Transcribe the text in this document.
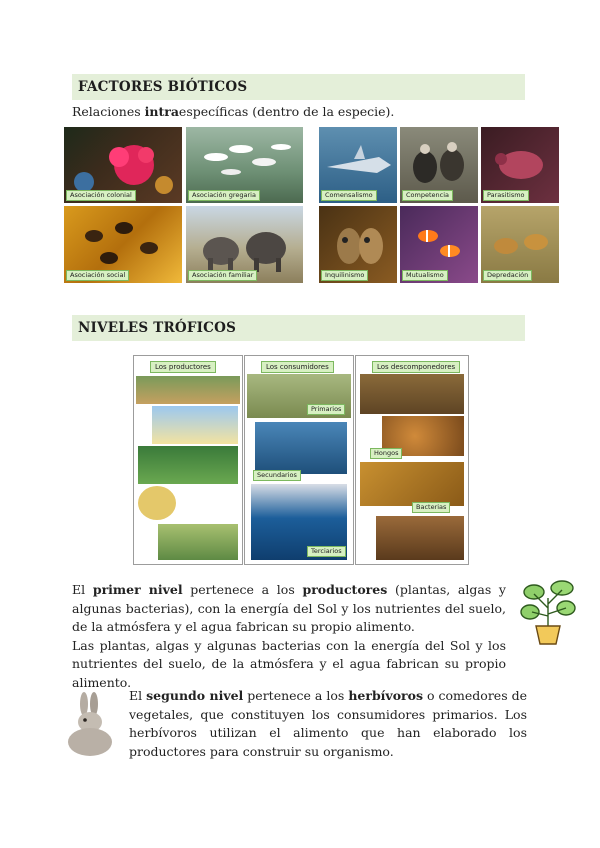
FACTORES BIÓTICOS
Relaciones intraespecíficas (dentro de la especie).
Asociación colonial	Asociación gregaria
Asociación social	Asociación familiar
Comensalismo	Competencia	Parasitismo
Inquilinismo	Mutualismo	Depredación
NIVELES TRÓFICOS
Los productores	Los consumidores
Primarios
Secundarios
Terciarios
Los descomponedores
Hongos
Bacterias
El primer nivel pertenece a los productores (plantas, algas y algunas bacterias), con la energía del Sol y los nutrientes del suelo, de la atmósfera y el agua fabrican su propio alimento.
Las plantas, algas y algunas bacterias con la energía del Sol y los nutrientes del suelo, de la atmósfera y el agua fabrican su propio alimento.
El segundo nivel pertenece a los herbívoros o comedores de vegetales, que constituyen los consumidores primarios. Los herbívoros utilizan el alimento que han elaborado los productores para construir su organismo.
